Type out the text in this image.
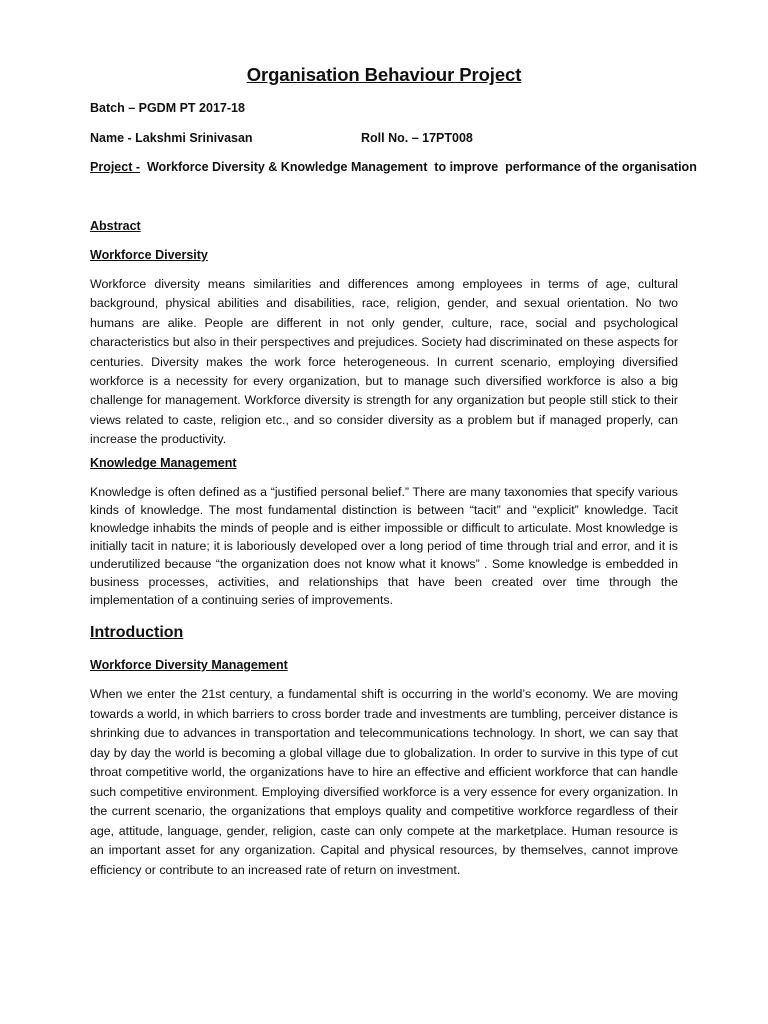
Organisation Behaviour Project
Batch – PGDM PT 2017-18
Name - Lakshmi Srinivasan	Roll No. – 17PT008
Project -  Workforce Diversity & Knowledge Management  to improve  performance of the organisation
Abstract
Workforce Diversity

Workforce diversity means similarities and differences among employees in terms of age, cultural background, physical abilities and disabilities, race, religion, gender, and sexual orientation. No two humans are alike. People are different in not only gender, culture, race, social and psychological characteristics but also in their perspectives and prejudices. Society had discriminated on these aspects for centuries. Diversity makes the work force heterogeneous. In current scenario, employing diversified workforce is a necessity for every organization, but to manage such diversified workforce is also a big challenge for management. Workforce diversity is strength for any organization but people still stick to their views related to caste, religion etc., and so consider diversity as a problem but if managed properly, can increase the productivity.

Knowledge Management

Knowledge is often defined as a “justified personal belief.” There are many taxonomies that specify various kinds of knowledge. The most fundamental distinction is between “tacit” and “explicit” knowledge. Tacit knowledge inhabits the minds of people and is either impossible or difficult to articulate. Most knowledge is initially tacit in nature; it is laboriously developed over a long period of time through trial and error, and it is underutilized because “the organization does not know what it knows” . Some knowledge is embedded in business processes, activities, and relationships that have been created over time through the implementation of a continuing series of improvements.

Introduction
Workforce Diversity Management

When we enter the 21st century, a fundamental shift is occurring in the world’s economy. We are moving towards a world, in which barriers to cross border trade and investments are tumbling, perceiver distance is shrinking due to advances in transportation and telecommunications technology. In short, we can say that day by day the world is becoming a global village due to globalization. In order to survive in this type of cut throat competitive world, the organizations have to hire an effective and efficient workforce that can handle such competitive environment. Employing diversified workforce is a very essence for every organization. In the current scenario, the organizations that employs quality and competitive workforce regardless of their age, attitude, language, gender, religion, caste can only compete at the marketplace. Human resource is an important asset for any organization. Capital and physical resources, by themselves, cannot improve efficiency or contribute to an increased rate of return on investment.
